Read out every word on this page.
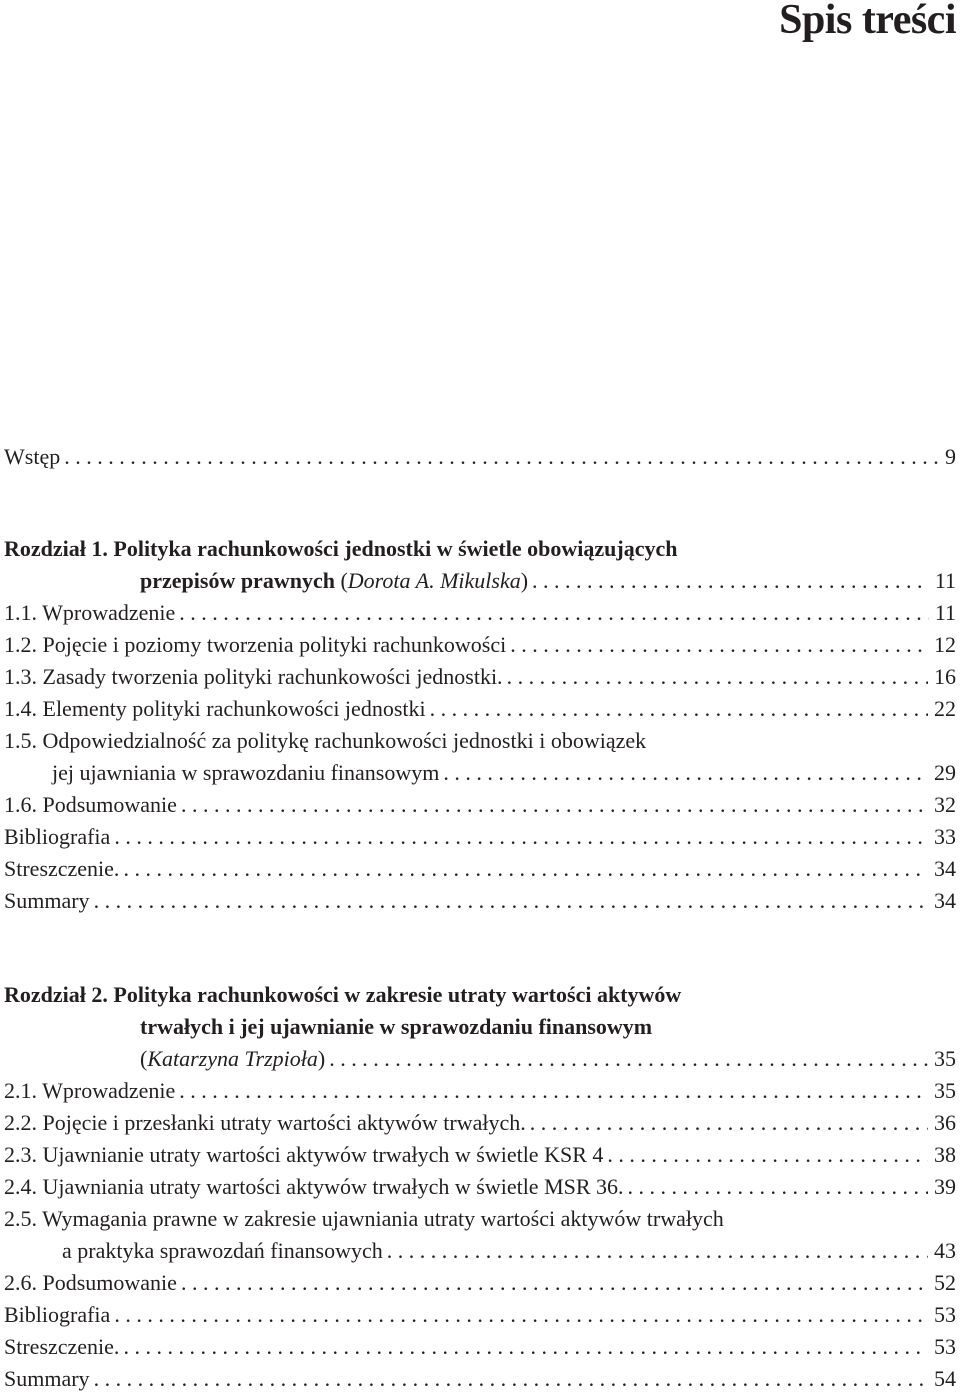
Spis treści
Wstęp . . .	9
Rozdział 1. Polityka rachunkowości jednostki w świetle obowiązujących
przepisów prawnych (Dorota A. Mikulska) . . .	11
1.1. Wprowadzenie . . .	11
1.2. Pojęcie i poziomy tworzenia polityki rachunkowości . . .	12
1.3. Zasady tworzenia polityki rachunkowości jednostki. . . .	16
1.4. Elementy polityki rachunkowości jednostki . . .	22
1.5. Odpowiedzialność za politykę rachunkowości jednostki i obowiązek
jej ujawniania w sprawozdaniu finansowym . . .	29
1.6. Podsumowanie . . .	32
Bibliografia . . .	33
Streszczenie. . . .	34
Summary . . .	34
Rozdział 2. Polityka rachunkowości w zakresie utraty wartości aktywów
trwałych i jej ujawnianie w sprawozdaniu finansowym
(Katarzyna Trzpioła) . . .	35
2.1. Wprowadzenie . . .	35
2.2. Pojęcie i przesłanki utraty wartości aktywów trwałych. . . .	36
2.3. Ujawnianie utraty wartości aktywów trwałych w świetle KSR 4 . . .	38
2.4. Ujawniania utraty wartości aktywów trwałych w świetle MSR 36. . . .	39
2.5. Wymagania prawne w zakresie ujawniania utraty wartości aktywów trwałych
a praktyka sprawozdań finansowych . . .	43
2.6. Podsumowanie . . .	52
Bibliografia . . .	53
Streszczenie. . . .	53
Summary . . .	54
